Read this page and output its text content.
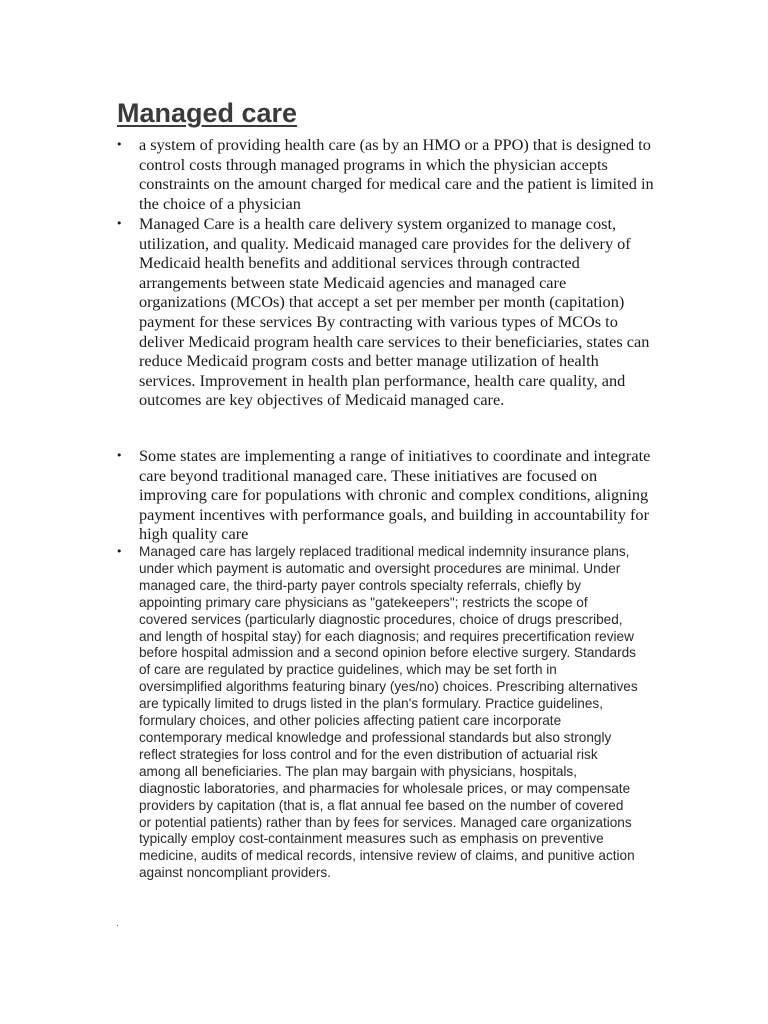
Managed care
• a system of providing health care (as by an HMO or a PPO) that is designed to control costs through managed programs in which the physician accepts constraints on the amount charged for medical care and the patient is limited in the choice of a physician
• Managed Care is a health care delivery system organized to manage cost, utilization, and quality. Medicaid managed care provides for the delivery of Medicaid health benefits and additional services through contracted arrangements between state Medicaid agencies and managed care organizations (MCOs) that accept a set per member per month (capitation) payment for these services By contracting with various types of MCOs to deliver Medicaid program health care services to their beneficiaries, states can reduce Medicaid program costs and better manage utilization of health services. Improvement in health plan performance, health care quality, and outcomes are key objectives of Medicaid managed care.
• Some states are implementing a range of initiatives to coordinate and integrate care beyond traditional managed care. These initiatives are focused on improving care for populations with chronic and complex conditions, aligning payment incentives with performance goals, and building in accountability for high quality care
• Managed care has largely replaced traditional medical indemnity insurance plans, under which payment is automatic and oversight procedures are minimal. Under managed care, the third-party payer controls specialty referrals, chiefly by appointing primary care physicians as "gatekeepers"; restricts the scope of covered services (particularly diagnostic procedures, choice of drugs prescribed, and length of hospital stay) for each diagnosis; and requires precertification review before hospital admission and a second opinion before elective surgery. Standards of care are regulated by practice guidelines, which may be set forth in oversimplified algorithms featuring binary (yes/no) choices. Prescribing alternatives are typically limited to drugs listed in the plan's formulary. Practice guidelines, formulary choices, and other policies affecting patient care incorporate contemporary medical knowledge and professional standards but also strongly reflect strategies for loss control and for the even distribution of actuarial risk among all beneficiaries. The plan may bargain with physicians, hospitals, diagnostic laboratories, and pharmacies for wholesale prices, or may compensate providers by capitation (that is, a flat annual fee based on the number of covered or potential patients) rather than by fees for services. Managed care organizations typically employ cost-containment measures such as emphasis on preventive medicine, audits of medical records, intensive review of claims, and punitive action against noncompliant providers.
.
